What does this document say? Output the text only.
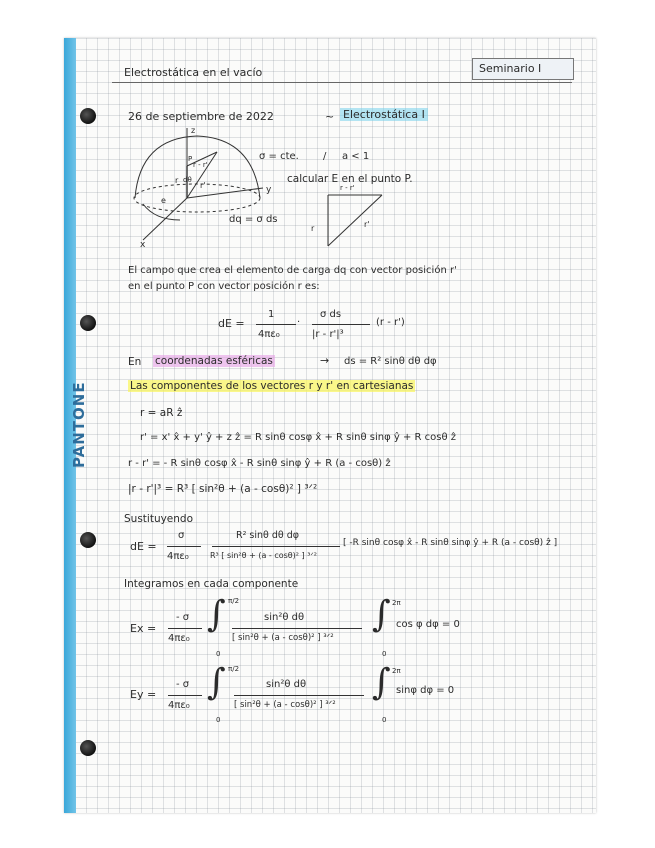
PANTONE
Electrostática en el vacío	Seminario I
26 de septiembre de 2022	~ Electrostática I
z
y
x
r
r - r'
r'
dθ
e
P	σ = cte. / a < 1
calcular E en el punto P.
dq = σ ds
r - r'
r	r'
El campo que crea el elemento de carga dq con vector posición r'
en el punto P con vector posición r es:
dE =
1
4πε₀
·
σ ds
|r - r'|³
(r - r')
En coordenadas esféricas	→ ds = R² sinθ dθ dφ
Las componentes de los vectores r y r' en cartesianas
r = aR ẑ
r' = x' x̂ + y' ŷ + z ẑ = R sinθ cosφ x̂ + R sinθ sinφ ŷ + R cosθ ẑ
r - r' = - R sinθ cosφ x̂ - R sinθ sinφ ŷ + R (a - cosθ) ẑ
|r - r'|³ = R³ [ sin²θ + (a - cosθ)² ] ³ᐟ²
Sustituyendo
dE =
σ
4πε₀
R² sinθ dθ dφ
R³ [ sin²θ + (a - cosθ)² ] ³ᐟ²
[ -R sinθ cosφ x̂ - R sinθ sinφ ŷ + R (a - cosθ) ẑ ]
Integramos en cada componente
Ex =
- σ
4πε₀
∫ π/2
0
sin²θ dθ
[ sin²θ + (a - cosθ)² ] ³ᐟ²
∫ 2π
0
cos φ dφ = 0
Ey =
- σ
4πε₀
∫ π/2
0
sin²θ dθ
[ sin²θ + (a - cosθ)² ] ³ᐟ²
∫ 2π
0
sinφ dφ = 0
